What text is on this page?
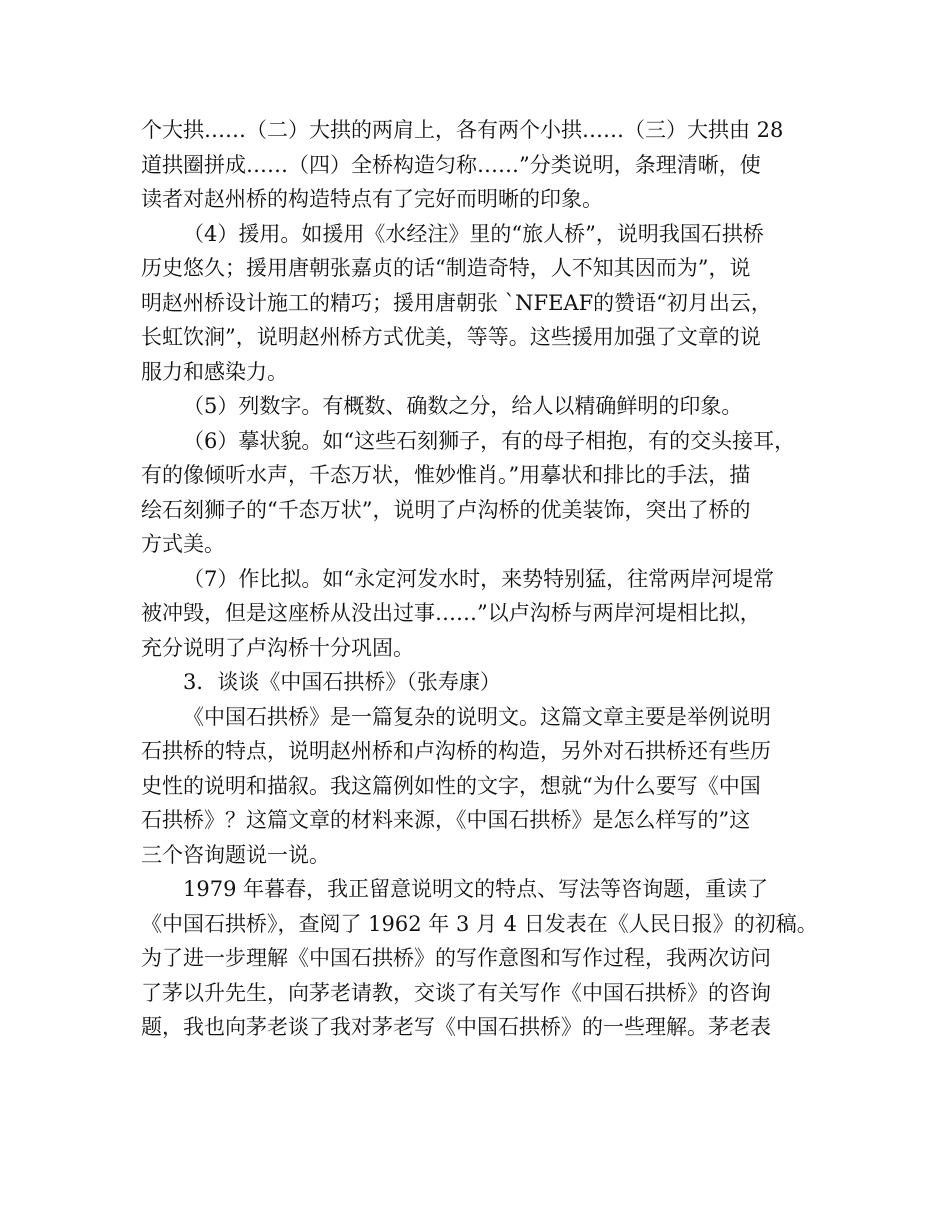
个大拱……（二）大拱的两肩上，各有两个小拱……（三）大拱由 28
道拱圈拼成……（四）全桥构造匀称……”分类说明，条理清晰，使
读者对赵州桥的构造特点有了完好而明晰的印象。
（4）援用。如援用《水经注》里的“旅人桥”，说明我国石拱桥
历史悠久；援用唐朝张嘉贞的话“制造奇特，人不知其因而为”，说
明赵州桥设计施工的精巧；援用唐朝张 `NFEAF的赞语“初月出云，
长虹饮涧”，说明赵州桥方式优美，等等。这些援用加强了文章的说
服力和感染力。
（5）列数字。有概数、确数之分，给人以精确鲜明的印象。
（6）摹状貌。如“这些石刻狮子，有的母子相抱，有的交头接耳，
有的像倾听水声，千态万状，惟妙惟肖。”用摹状和排比的手法，描
绘石刻狮子的“千态万状”，说明了卢沟桥的优美装饰，突出了桥的
方式美。
（7）作比拟。如“永定河发水时，来势特别猛，往常两岸河堤常
被冲毁，但是这座桥从没出过事……”以卢沟桥与两岸河堤相比拟，
充分说明了卢沟桥十分巩固。
3．谈谈《中国石拱桥》（张寿康）
《中国石拱桥》是一篇复杂的说明文。这篇文章主要是举例说明
石拱桥的特点，说明赵州桥和卢沟桥的构造，另外对石拱桥还有些历
史性的说明和描叙。我这篇例如性的文字，想就“为什么要写《中国
石拱桥》？这篇文章的材料来源，《中国石拱桥》是怎么样写的”这
三个咨询题说一说。
1979 年暮春，我正留意说明文的特点、写法等咨询题，重读了
《中国石拱桥》，查阅了 1962 年 3 月 4 日发表在《人民日报》的初稿。
为了进一步理解《中国石拱桥》的写作意图和写作过程，我两次访问
了茅以升先生，向茅老请教，交谈了有关写作《中国石拱桥》的咨询
题，我也向茅老谈了我对茅老写《中国石拱桥》的一些理解。茅老表
